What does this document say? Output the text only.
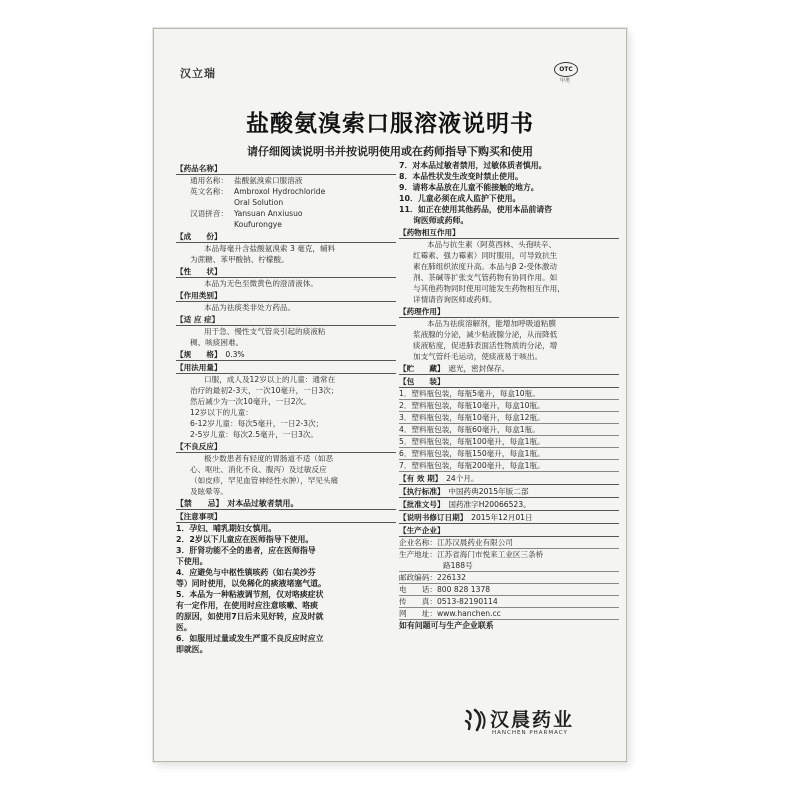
汉立瑞	OTC
甲类
盐酸氨溴索口服溶液说明书
请仔细阅读说明书并按说明使用或在药师指导下购买和使用
【药品名称】
通用名称： 盐酸氨溴索口服溶液
英文名称： Ambroxol Hydrochloride
Oral Solution
汉语拼音： Yansuan Anxiusuo
Koufurongye
【成　　份】
本品每毫升含盐酸氨溴索 3 毫克，辅料
为蔗糖、苯甲酸钠、柠檬酸。
【性　　状】
本品为无色至微黄色的澄清液体。
【作用类别】
本品为祛痰类非处方药品。
【适 应 症】
用于急、慢性支气管炎引起的痰液粘
稠、咳痰困难。
【规　　格】　 0.3%
【用法用量】
口服，成人及12岁以上的儿童：通常在
治疗的最初2-3天，一次10毫升，一日3次；
然后减少为一次10毫升，一日2次。
12岁以下的儿童：
6-12岁儿童：每次5毫升，一日2-3次；
2-5岁儿童：每次2.5毫升，一日3次。
【不良反应】
极少数患者有轻度的胃肠道不适（如恶
心、呕吐、消化不良、腹泻）及过敏反应
（如皮疹，罕见血管神经性水肿），罕见头痛
及眩晕等。
【禁　　忌】　 对本品过敏者禁用。
【注意事项】
1．孕妇、哺乳期妇女慎用。
2．2岁以下儿童应在医师指导下使用。
3．肝肾功能不全的患者，应在医师指导
下使用。
4．应避免与中枢性镇咳药（如右美沙芬
等）同时使用，以免稀化的痰液堵塞气道。
5．本品为一种粘液调节剂，仅对咯痰症状
有一定作用，在使用时应注意咳嗽、咯痰
的原因，如使用7日后未见好转，应及时就
医。
6．如服用过量或发生严重不良反应时应立
即就医。
7．对本品过敏者禁用，过敏体质者慎用。
8．本品性状发生改变时禁止使用。
9．请将本品放在儿童不能接触的地方。
10．儿童必须在成人监护下使用。
11．如正在使用其他药品，使用本品前请咨
询医师或药师。
【药物相互作用】
本品与抗生素（阿莫西林、头孢呋辛、
红霉素、强力霉素）同时服用，可导致抗生
素在肺组织浓度升高。本品与β 2-受体激动
剂、茶碱等扩张支气管药物有协同作用。如
与其他药物同时使用可能发生药物相互作用，
详情请咨询医师或药师。
【药理作用】
本品为祛痰溶解剂，能增加呼吸道粘膜
浆液腺的分泌，减少粘液腺分泌，从而降低
痰液粘度，促进肺表面活性物质的分泌，增
加支气管纤毛运动，使痰液易于咳出。
【贮　　藏】　 遮光，密封保存。
【包　　装】
1．塑料瓶包装，每瓶5毫升，每盒10瓶。
2．塑料瓶包装，每瓶10毫升，每盒10瓶。
3．塑料瓶包装，每瓶10毫升，每盒12瓶。
4．塑料瓶包装，每瓶60毫升，每盒1瓶。
5．塑料瓶包装，每瓶100毫升，每盒1瓶。
6．塑料瓶包装，每瓶150毫升，每盒1瓶。
7．塑料瓶包装，每瓶200毫升，每盒1瓶。
【有 效 期】　 24个月。
【执行标准】　 中国药典2015年版二部
【批准文号】　 国药准字H20066523。
【说明书修订日期】　 2015年12月01日
【生产企业】
企业名称：江苏汉晨药业有限公司
生产地址：江苏省海门市悦来工业区三条桥
路188号
邮政编码：226132
电　　话：800 828 1378
传　　真：0513-82190114
网　　址：www.hanchen.cc
如有问题可与生产企业联系
汉晨药业
HANCHEN PHARMACY
